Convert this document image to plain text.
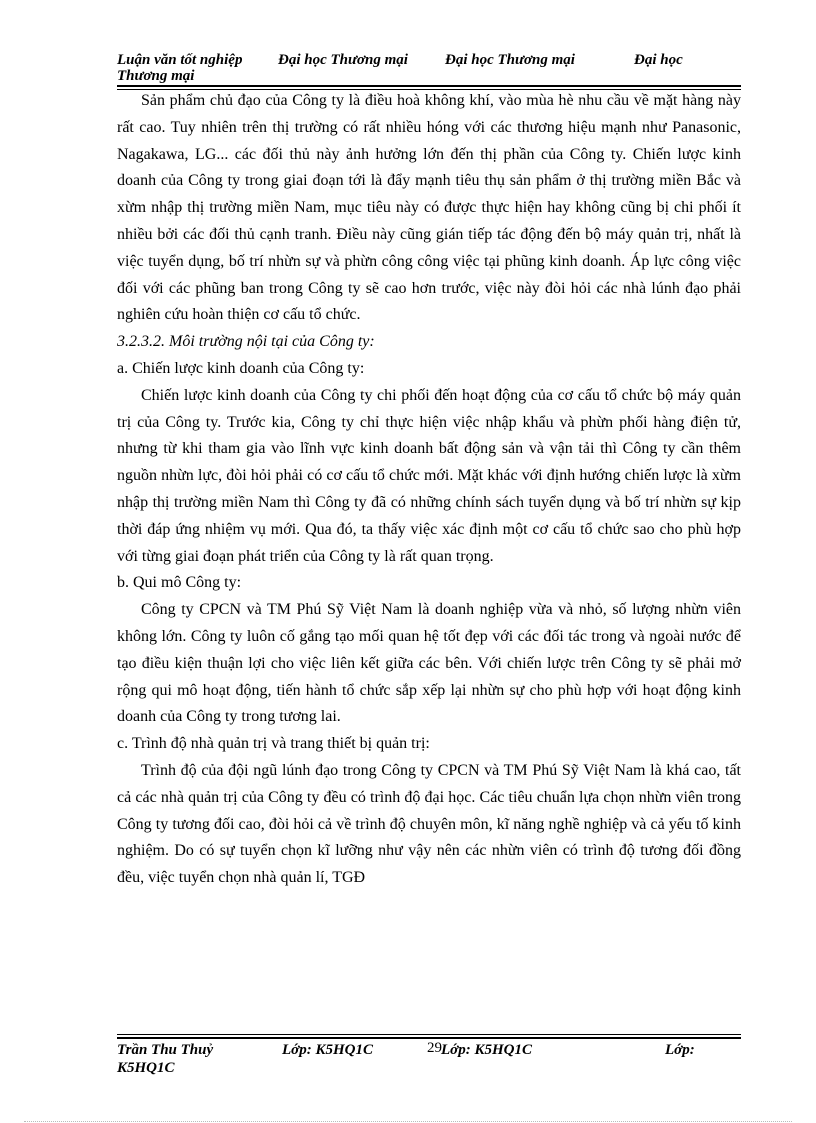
Luận văn tốt nghiệp Đại học Thương mại Đại học Thương mại	Đại học
Thương mại

Sản phẩm chủ đạo của Công ty là điều hoà không khí, vào mùa hè nhu cầu về mặt hàng này rất cao. Tuy nhiên trên thị trường có rất nhiều hóng với các thương hiệu mạnh như Panasonic, Nagakawa, LG... các đối thủ này ảnh hưởng lớn đến thị phần của Công ty. Chiến lược kinh doanh của Công ty trong giai đoạn tới là đẩy mạnh tiêu thụ sản phẩm ở thị trường miền Bắc và xừm nhập thị trường miền Nam, mục tiêu này có được thực hiện hay không cũng bị chi phối ít nhiều bởi các đối thủ cạnh tranh. Điều này cũng gián tiếp tác động đến bộ máy quản trị, nhất là việc tuyển dụng, bố trí nhừn sự và phừn công công việc tại phũng kinh doanh. Áp lực công việc đối với các phũng ban trong Công ty sẽ cao hơn trước, việc này đòi hỏi các nhà lúnh đạo phải nghiên cứu hoàn thiện cơ cấu tổ chức.

3.2.3.2. Môi trường nội tại của Công ty:

a. Chiến lược kinh doanh của Công ty:

Chiến lược kinh doanh của Công ty chi phối đến hoạt động của cơ cấu tổ chức bộ máy quản trị của Công ty. Trước kia, Công ty chỉ thực hiện việc nhập khẩu và phừn phối hàng điện tử, nhưng từ khi tham gia vào lĩnh vực kinh doanh bất động sản và vận tải thì Công ty cần thêm nguồn nhừn lực, đòi hỏi phải có cơ cấu tổ chức mới. Mặt khác với định hướng chiến lược là xừm nhập thị trường miền Nam thì Công ty đã có những chính sách tuyển dụng và bố trí nhừn sự kịp thời đáp ứng nhiệm vụ mới. Qua đó, ta thấy việc xác định một cơ cấu tổ chức sao cho phù hợp với từng giai đoạn phát triển của Công ty là rất quan trọng.

b. Qui mô Công ty:

Công ty CPCN và TM Phú Sỹ Việt Nam là doanh nghiệp vừa và nhỏ, số lượng nhừn viên không lớn. Công ty luôn cố gắng tạo mối quan hệ tốt đẹp với các đối tác trong và ngoài nước để tạo điều kiện thuận lợi cho việc liên kết giữa các bên. Với chiến lược trên Công ty sẽ phải mở rộng qui mô hoạt động, tiến hành tổ chức sắp xếp lại nhừn sự cho phù hợp với hoạt động kinh doanh của Công ty trong tương lai.

c. Trình độ nhà quản trị và trang thiết bị quản trị:

Trình độ của đội ngũ lúnh đạo trong Công ty CPCN và TM Phú Sỹ Việt Nam là khá cao, tất cả các nhà quản trị của Công ty đều có trình độ đại học. Các tiêu chuẩn lựa chọn nhừn viên trong Công ty tương đối cao, đòi hỏi cả về trình độ chuyên môn, kĩ năng nghề nghiệp và cả yếu tố kinh nghiệm. Do có sự tuyển chọn kĩ lưỡng như vậy nên các nhừn viên có trình độ tương đối đồng đều, việc tuyển chọn nhà quản lí, TGĐ

Trần Thu Thuỷ	Lớp: K5HQ1C	29 Lớp: K5HQ1C	Lớp:
K5HQ1C
